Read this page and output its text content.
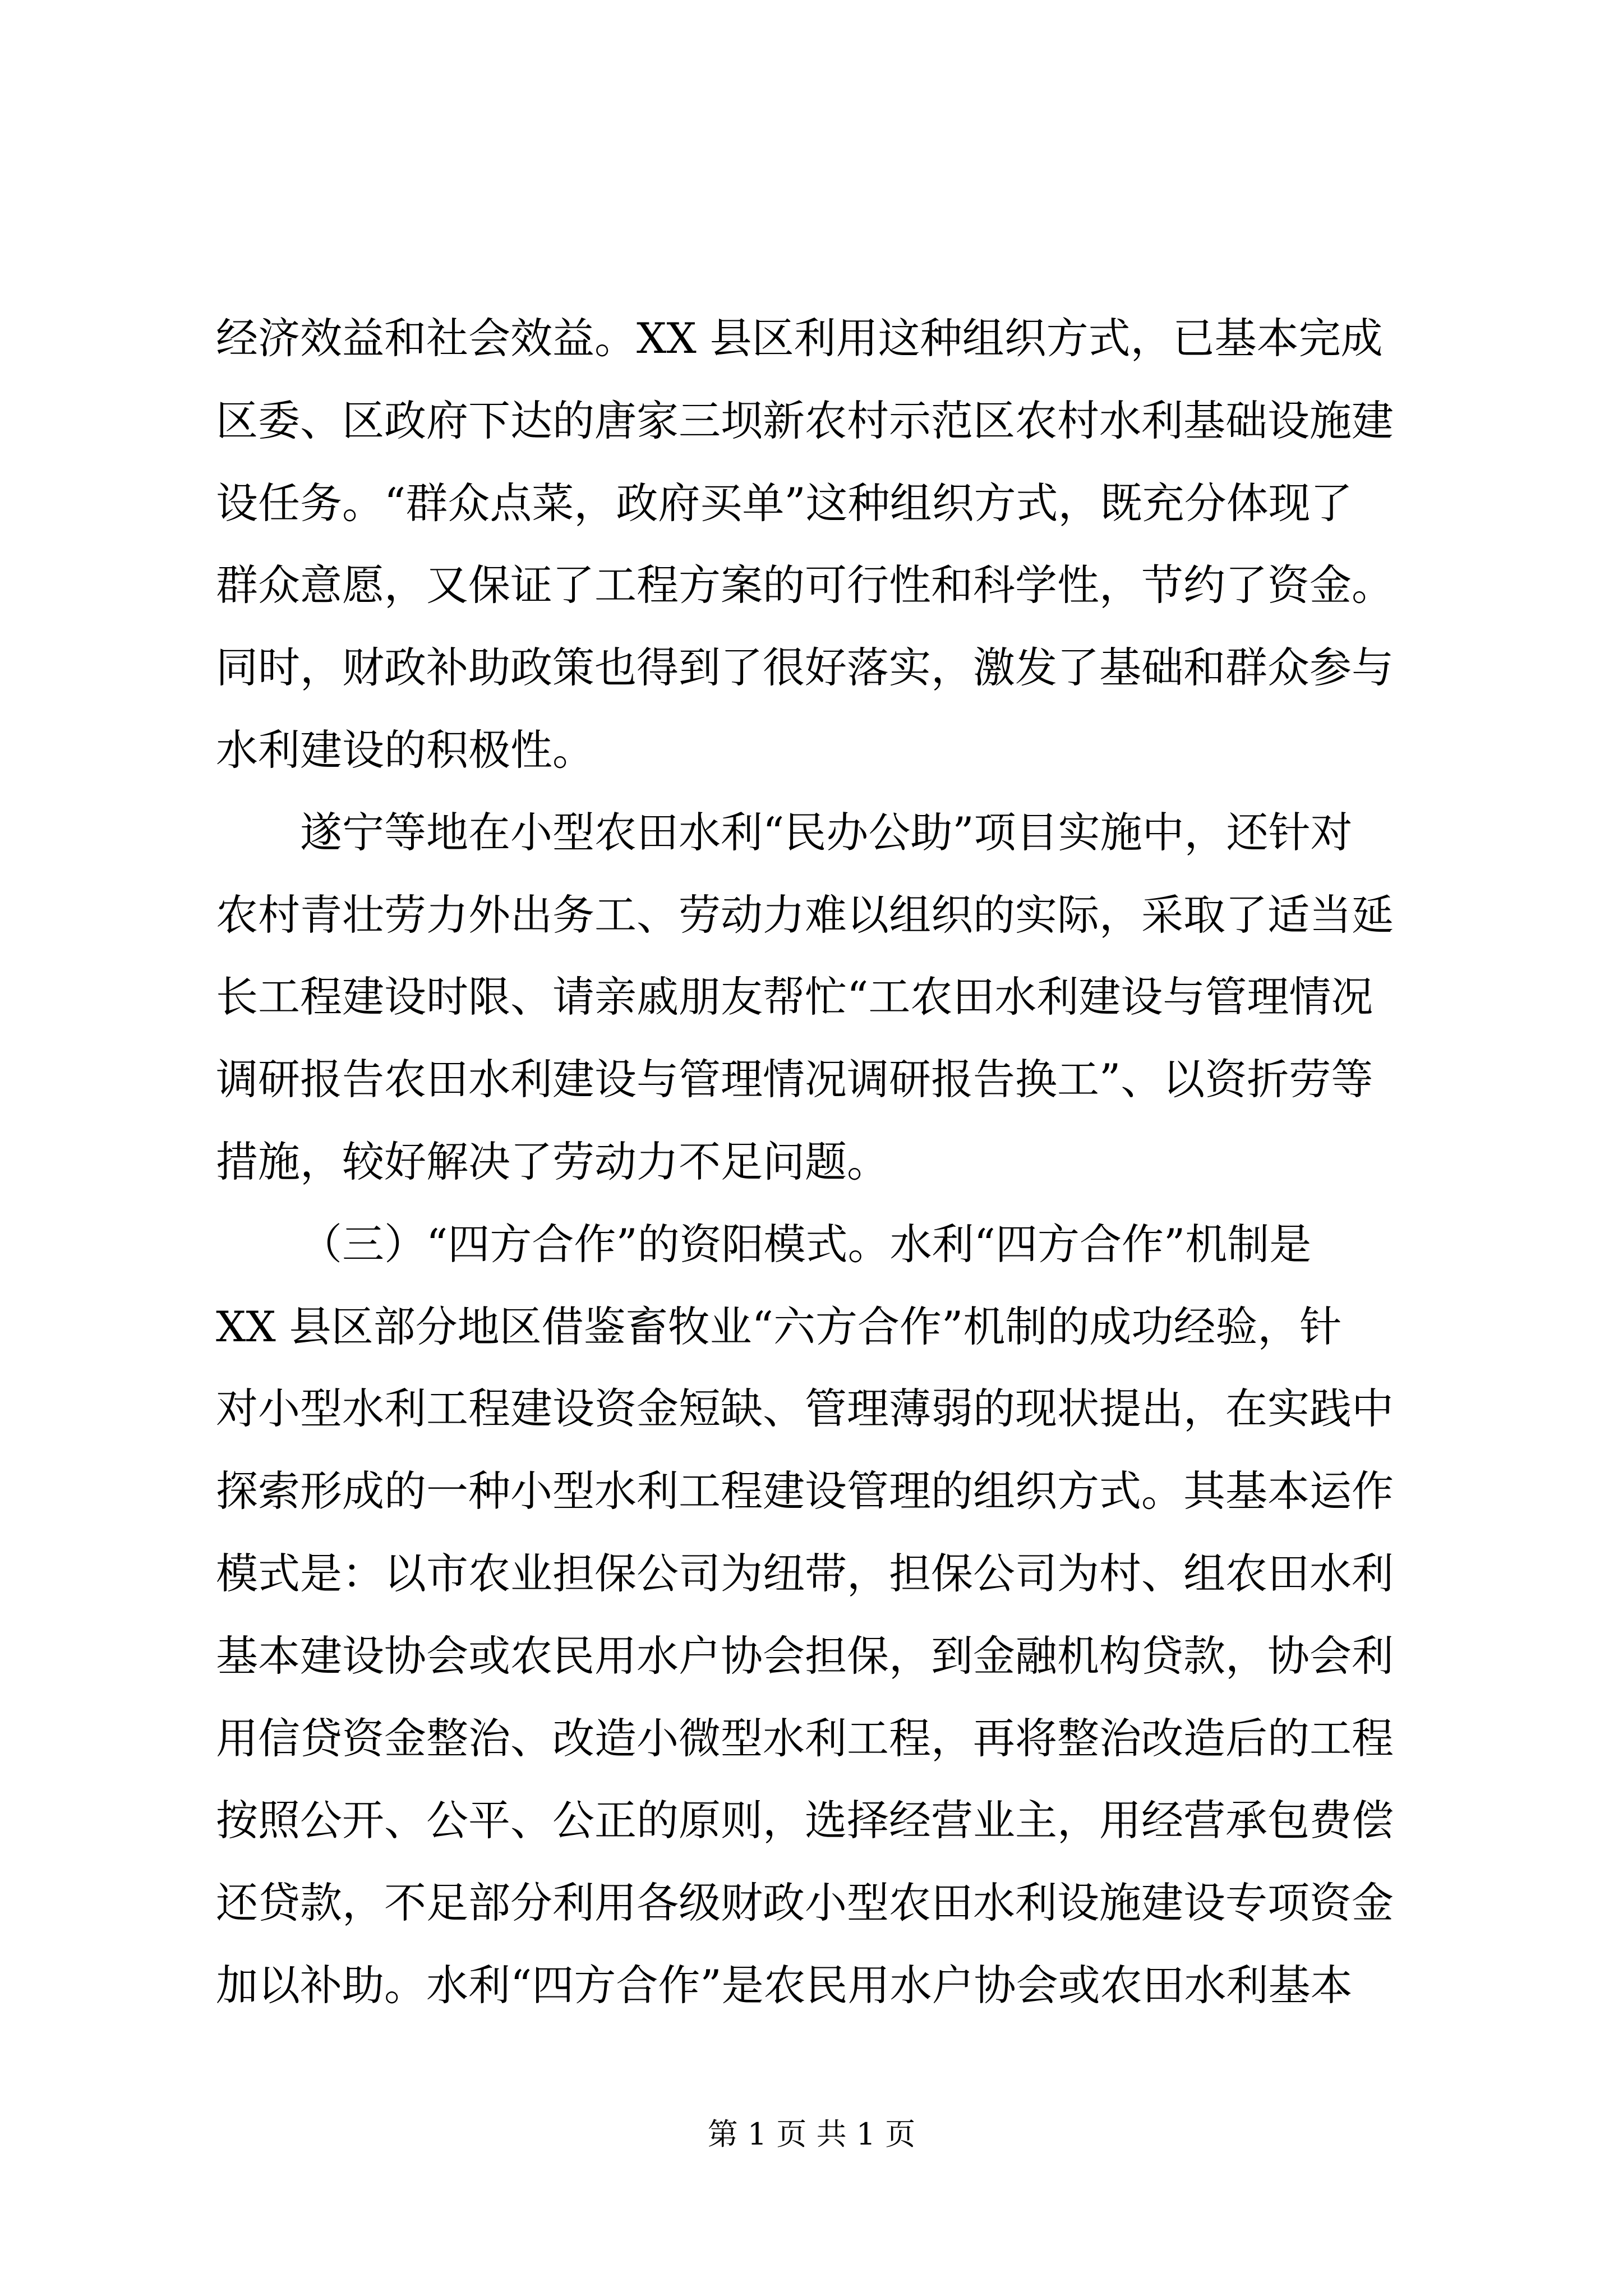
经济效益和社会效益。XX 县区利用这种组织方式，已基本完成
区委、区政府下达的唐家三坝新农村示范区农村水利基础设施建
设任务。“群众点菜，政府买单”这种组织方式，既充分体现了
群众意愿，又保证了工程方案的可行性和科学性，节约了资金。
同时，财政补助政策也得到了很好落实，激发了基础和群众参与
水利建设的积极性。
遂宁等地在小型农田水利“民办公助”项目实施中，还针对
农村青壮劳力外出务工、劳动力难以组织的实际，采取了适当延
长工程建设时限、请亲戚朋友帮忙“工农田水利建设与管理情况
调研报告农田水利建设与管理情况调研报告换工”、以资折劳等
措施，较好解决了劳动力不足问题。
（三）“四方合作”的资阳模式。水利“四方合作”机制是
XX 县区部分地区借鉴畜牧业“六方合作”机制的成功经验，针
对小型水利工程建设资金短缺、管理薄弱的现状提出，在实践中
探索形成的一种小型水利工程建设管理的组织方式。其基本运作
模式是：以市农业担保公司为纽带，担保公司为村、组农田水利
基本建设协会或农民用水户协会担保，到金融机构贷款，协会利
用信贷资金整治、改造小微型水利工程，再将整治改造后的工程
按照公开、公平、公正的原则，选择经营业主，用经营承包费偿
还贷款，不足部分利用各级财政小型农田水利设施建设专项资金
加以补助。水利“四方合作”是农民用水户协会或农田水利基本
第 1 页 共 1 页
